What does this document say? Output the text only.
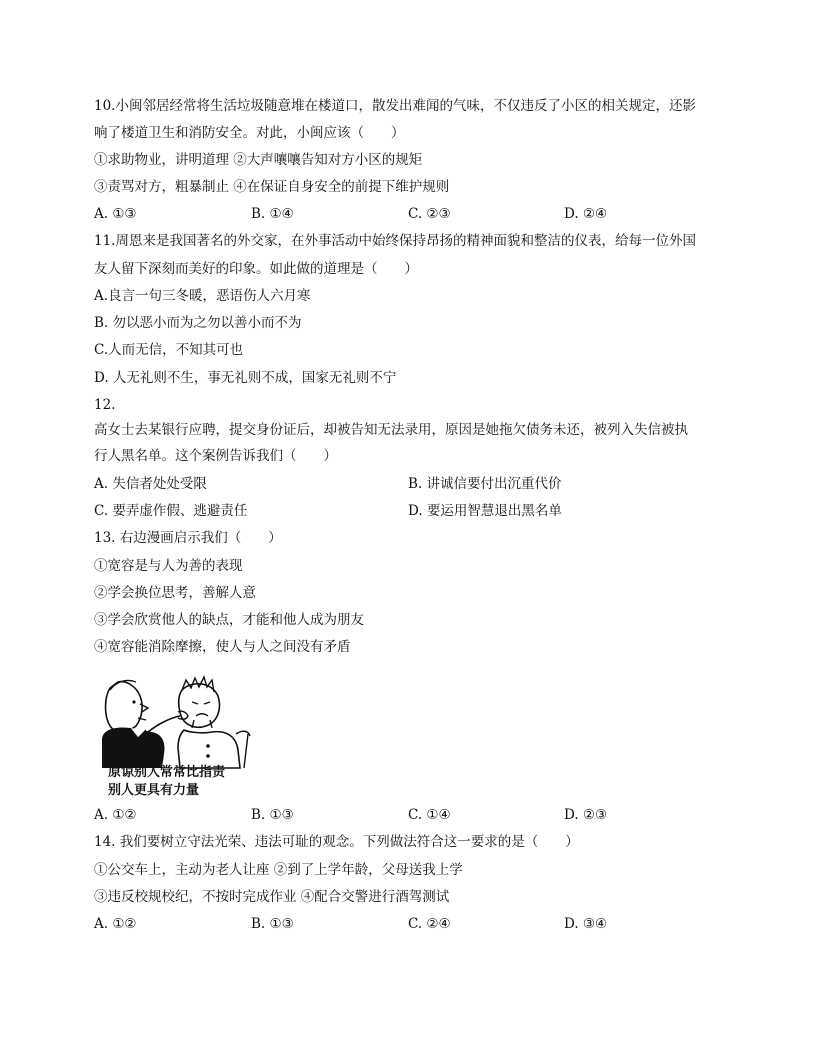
10.小闽邻居经常将生活垃圾随意堆在楼道口，散发出难闻的气味，不仅违反了小区的相关规定，还影
响了楼道卫生和消防安全。对此，小闽应该（　　）
①求助物业，讲明道理 ②大声嚷嚷告知对方小区的规矩
③责骂对方，粗暴制止 ④在保证自身安全的前提下维护规则
A. ①③	B. ①④	C. ②③	D. ②④
11.周恩来是我国著名的外交家，在外事活动中始终保持昂扬的精神面貌和整洁的仪表，给每一位外国
友人留下深刻而美好的印象。如此做的道理是（　　）
A.良言一句三冬暖，恶语伤人六月寒
B. 勿以恶小而为之勿以善小而不为
C.人而无信，不知其可也
D. 人无礼则不生，事无礼则不成，国家无礼则不宁
12.
高女士去某银行应聘，提交身份证后，却被告知无法录用，原因是她拖欠债务未还，被列入失信被执
行人黑名单。这个案例告诉我们（　　）
A. 失信者处处受限	B. 讲诚信要付出沉重代价
C. 要弄虚作假、逃避责任	D. 要运用智慧退出黑名单
13. 右边漫画启示我们（　　）
①宽容是与人为善的表现
②学会换位思考，善解人意
③学会欣赏他人的缺点，才能和他人成为朋友
④宽容能消除摩擦，使人与人之间没有矛盾
原谅别人常常比指责
别人更具有力量
A. ①②	B. ①③	C. ①④	D. ②③
14. 我们要树立守法光荣、违法可耻的观念。下列做法符合这一要求的是（　　）
①公交车上，主动为老人让座 ②到了上学年龄，父母送我上学
③违反校规校纪，不按时完成作业 ④配合交警进行酒驾测试
A. ①②	B. ①③	C. ②④	D. ③④
